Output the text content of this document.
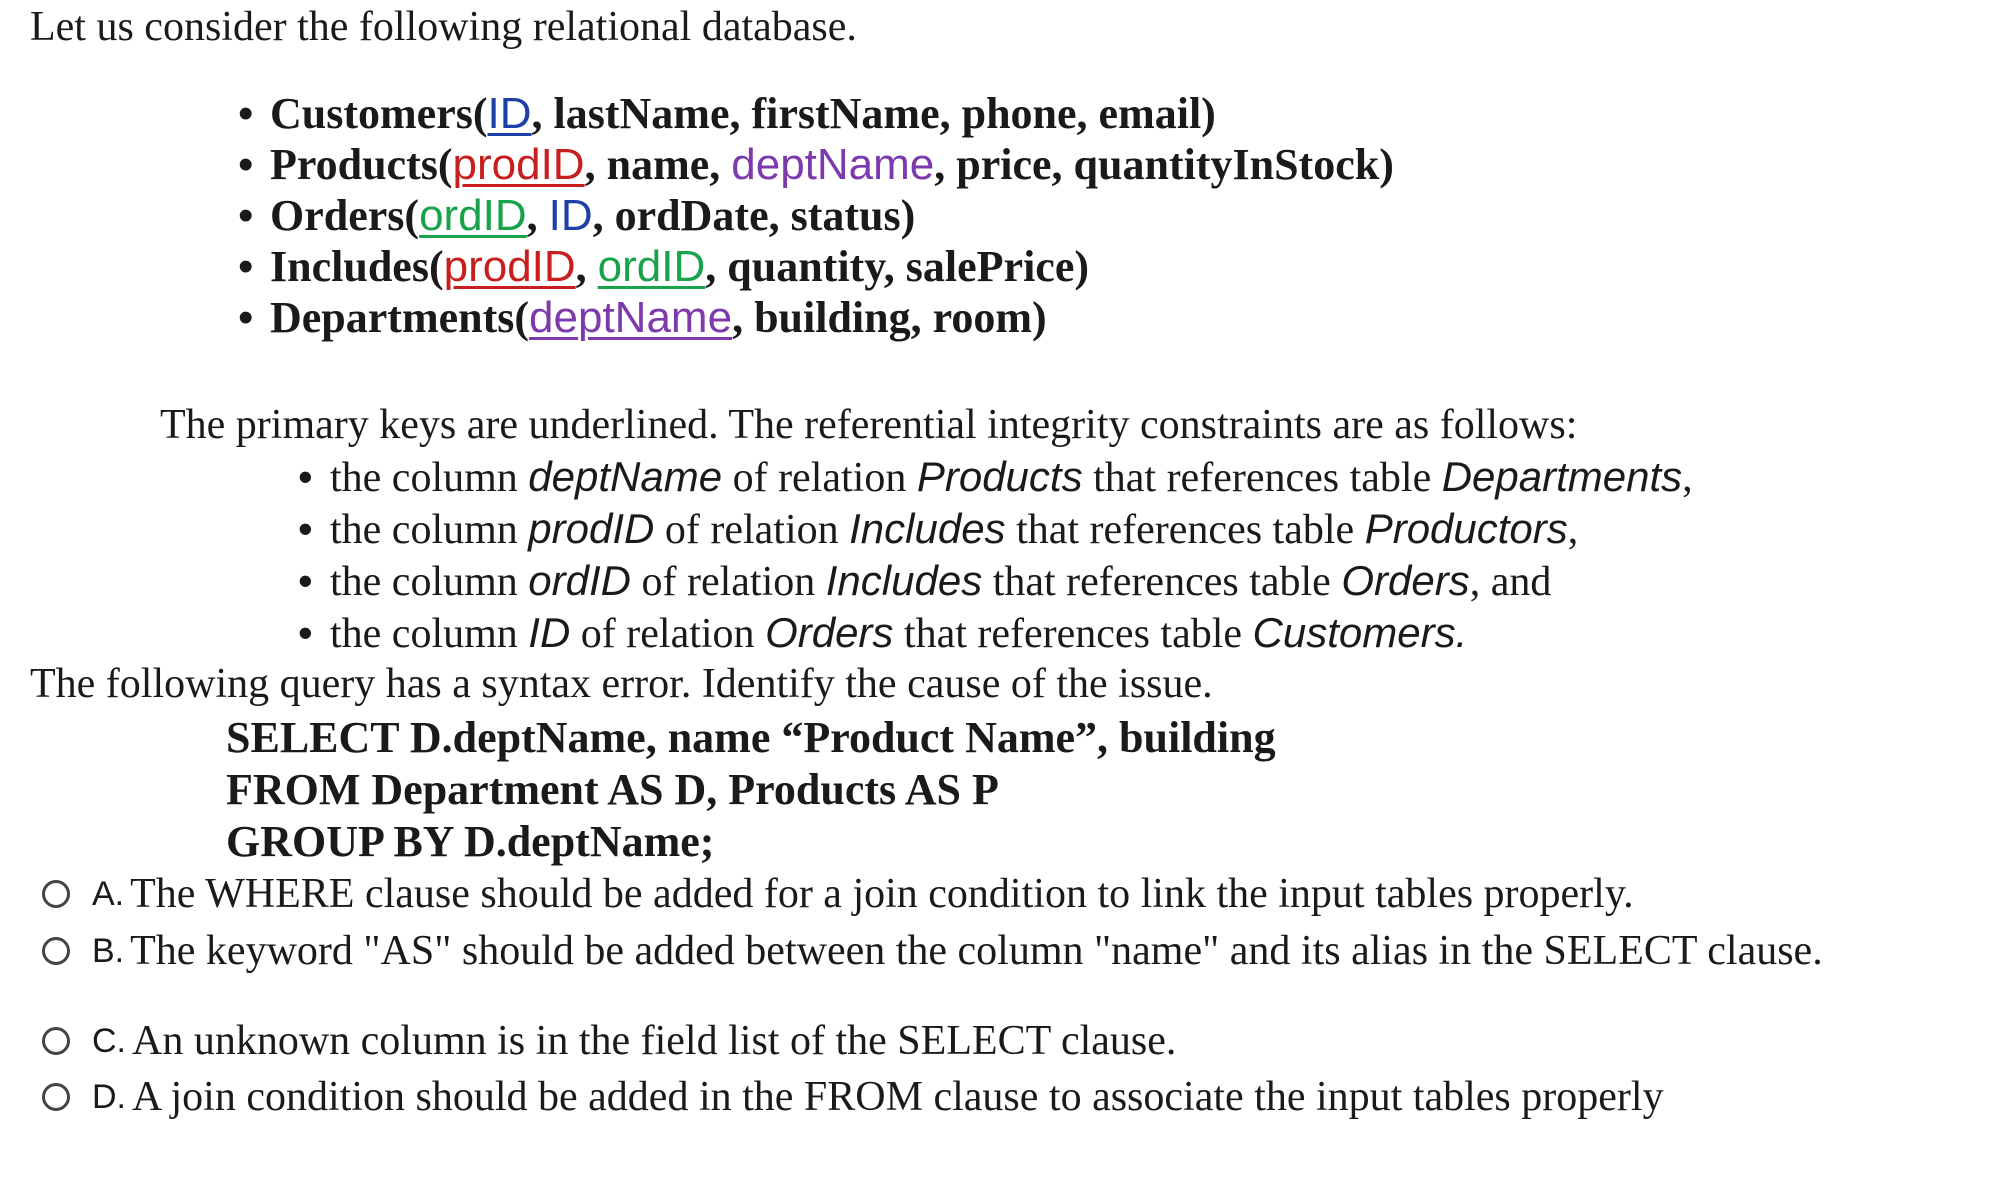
Let us consider the following relational database.
• Customers(ID, lastName, firstName, phone, email)
• Products(prodID, name, deptName, price, quantityInStock)
• Orders(ordID, ID, ordDate, status)
• Includes(prodID, ordID, quantity, salePrice)
• Departments(deptName, building, room)
The primary keys are underlined. The referential integrity constraints are as follows:
• the column deptName of relation Products that references table Departments,
• the column prodID of relation Includes that references table Productors,
• the column ordID of relation Includes that references table Orders, and
• the column ID of relation Orders that references table Customers.
The following query has a syntax error. Identify the cause of the issue.
SELECT D.deptName, name “Product Name”, building
FROM Department AS D, Products AS P
GROUP BY D.deptName;
A. The WHERE clause should be added for a join condition to link the input tables properly.
B. The keyword "AS" should be added between the column "name" and its alias in the SELECT clause.
C. An unknown column is in the field list of the SELECT clause.
D. A join condition should be added in the FROM clause to associate the input tables properly
